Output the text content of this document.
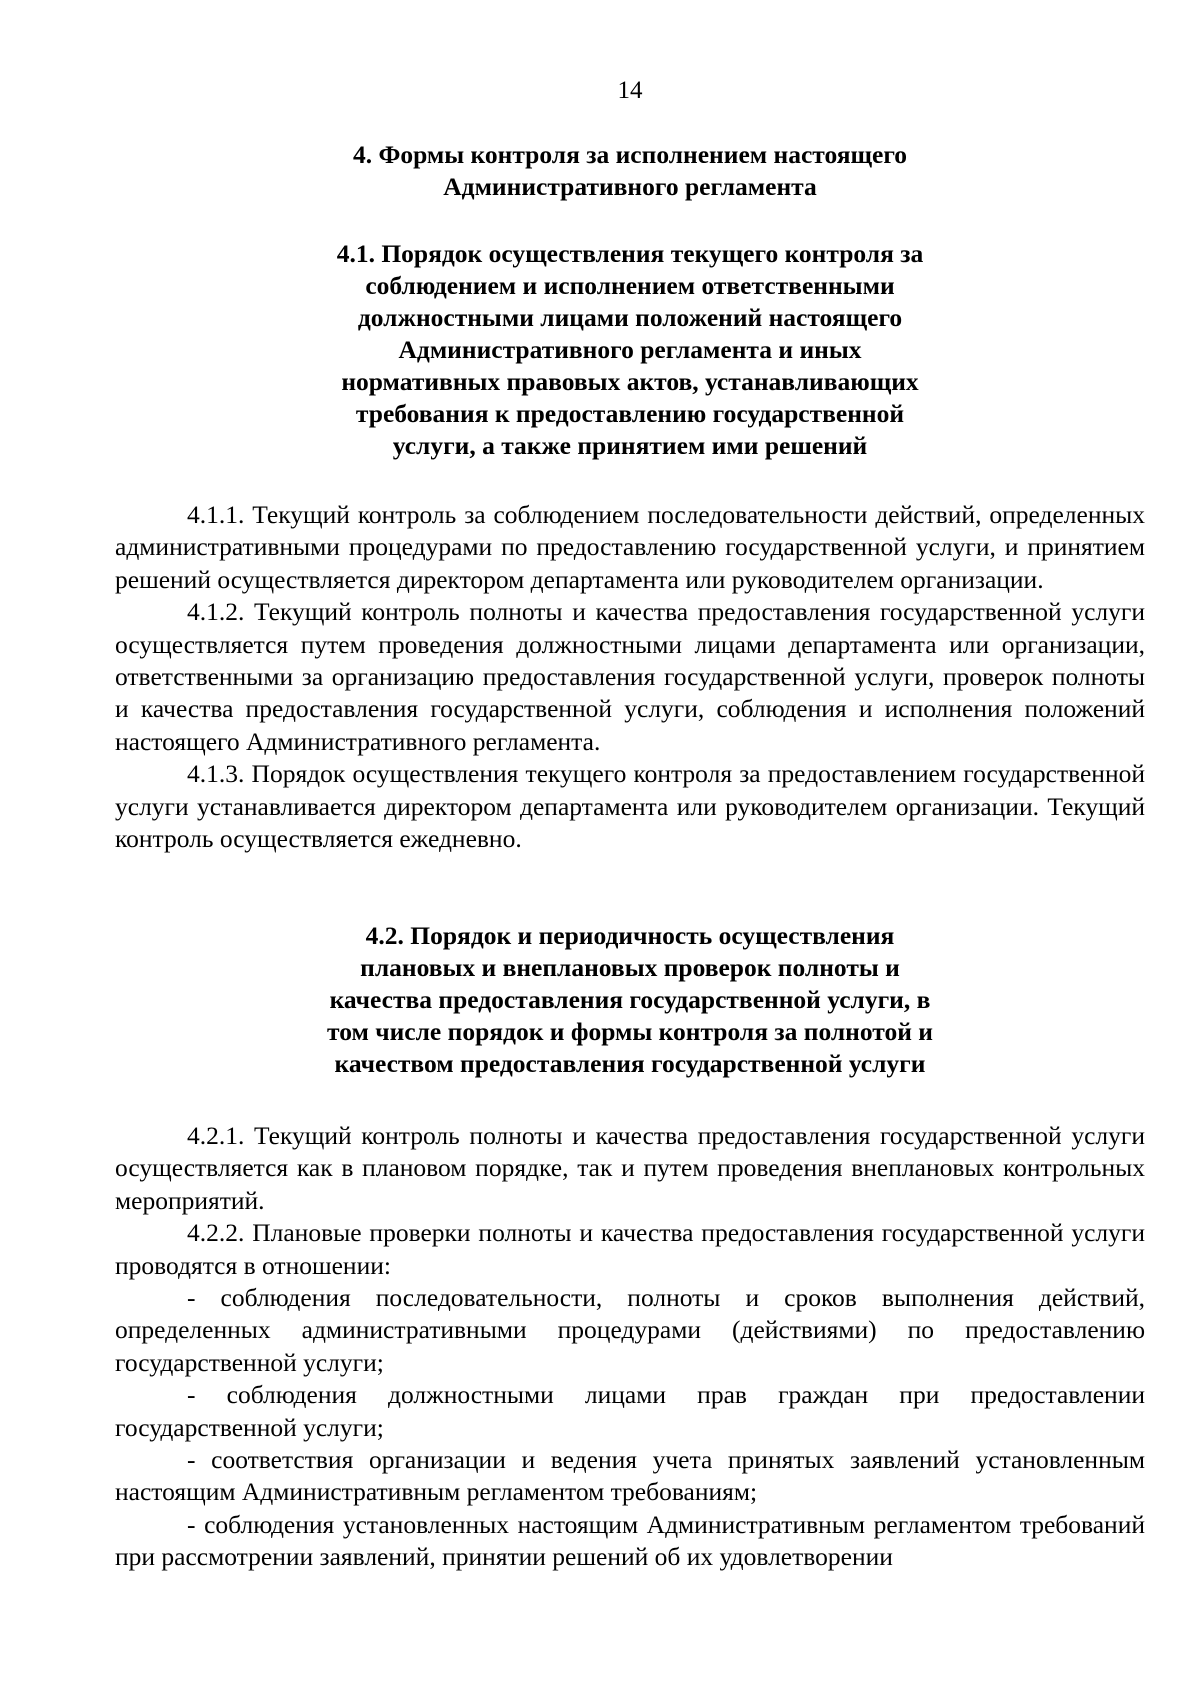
14
4. Формы контроля за исполнением настоящего
Административного регламента
4.1. Порядок осуществления текущего контроля за
соблюдением и исполнением ответственными
должностными лицами положений настоящего
Административного регламента и иных
нормативных правовых актов, устанавливающих
требования к предоставлению государственной
услуги, а также принятием ими решений

4.1.1. Текущий контроль за соблюдением последовательности действий, определенных административными процедурами по предоставлению государственной услуги, и принятием решений осуществляется директором департамента или руководителем организации.

4.1.2. Текущий контроль полноты и качества предоставления государственной услуги осуществляется путем проведения должностными лицами департамента или организации, ответственными за организацию предоставления государственной услуги, проверок полноты и качества предоставления государственной услуги, соблюдения и исполнения положений настоящего Административного регламента.

4.1.3. Порядок осуществления текущего контроля за предоставлением государственной услуги устанавливается директором департамента или руководителем организации. Текущий контроль осуществляется ежедневно.

4.2. Порядок и периодичность осуществления
плановых и внеплановых проверок полноты и
качества предоставления государственной услуги, в
том числе порядок и формы контроля за полнотой и
качеством предоставления государственной услуги

4.2.1. Текущий контроль полноты и качества предоставления государственной услуги осуществляется как в плановом порядке, так и путем проведения внеплановых контрольных мероприятий.

4.2.2. Плановые проверки полноты и качества предоставления государственной услуги проводятся в отношении:

- соблюдения последовательности, полноты и сроков выполнения действий, определенных административными процедурами (действиями) по предоставлению государственной услуги;

- соблюдения должностными лицами прав граждан при предоставлении государственной услуги;

- соответствия организации и ведения учета принятых заявлений установленным настоящим Административным регламентом требованиям;

- соблюдения установленных настоящим Административным регламентом требований при рассмотрении заявлений, принятии решений об их удовлетворении
